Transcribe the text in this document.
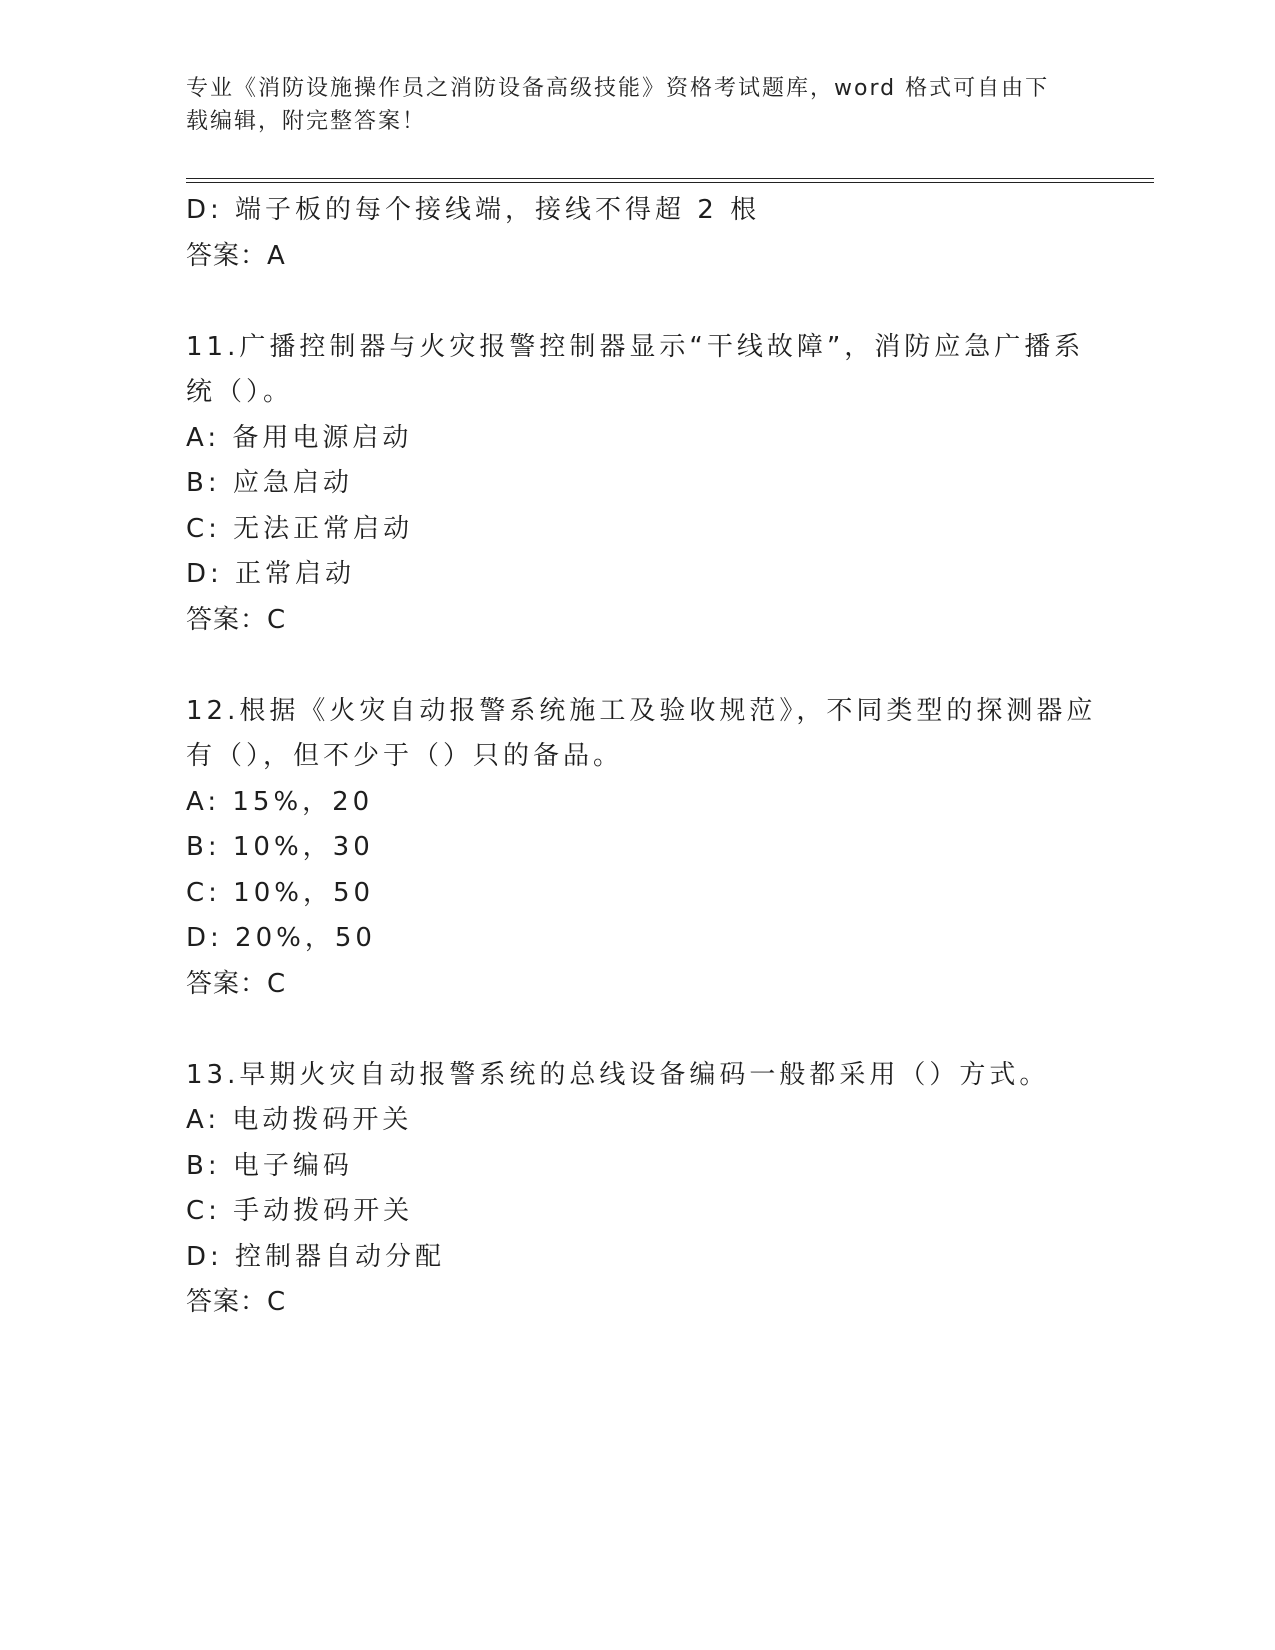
专业《消防设施操作员之消防设备高级技能》资格考试题库，word 格式可自由下
载编辑，附完整答案！
D: 端子板的每个接线端，接线不得超 2 根
答案：A
11.广播控制器与火灾报警控制器显示“干线故障”，消防应急广播系
统（）。
A: 备用电源启动
B: 应急启动
C: 无法正常启动
D: 正常启动
答案：C
12.根据《火灾自动报警系统施工及验收规范》，不同类型的探测器应
有（），但不少于（）只的备品。
A: 15%，20
B: 10%，30
C: 10%，50
D: 20%，50
答案：C
13.早期火灾自动报警系统的总线设备编码一般都采用（）方式。
A: 电动拨码开关
B: 电子编码
C: 手动拨码开关
D: 控制器自动分配
答案：C
